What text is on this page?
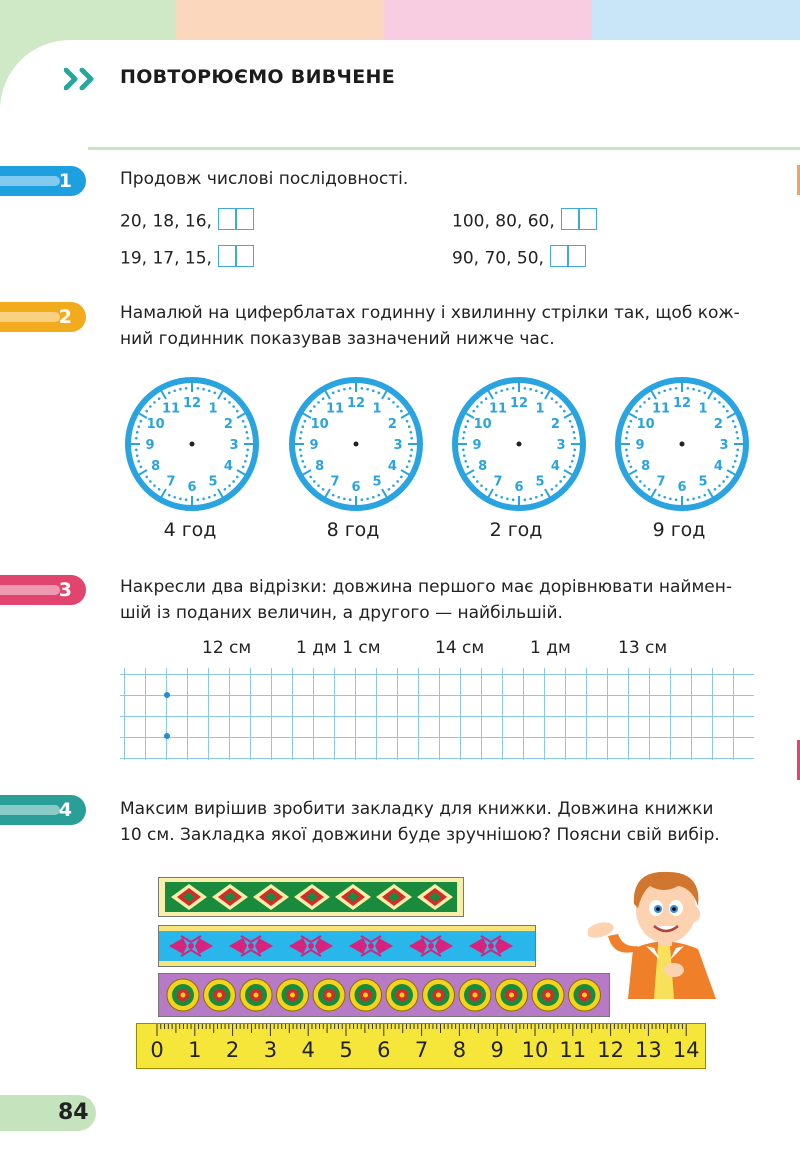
ПОВТОРЮЄМО ВИВЧЕНЕ
1	Продовж числові послідовності.
20, 18, 16,
19, 17, 15,
100, 80, 60,
90, 70, 50,
2	Намалюй на циферблатах годинну і хвилинну стрілки так, щоб кож-
ний годинник показував зазначений нижче час.
12 1
2
3
4
5
6
7
8
9
10
11	12 1
2
3
4
5
6
7
8
9
10
11	12 1
2
3
4
5
6
7
8
9
10
11	12 1
2
3
4
5
6
7
8
9
10
11
4 год	8 год	2 год	9 год
3	Накресли два відрізки: довжина першого має дорівнювати наймен-
шій із поданих величин, а другого — найбільшій.
12 см	1 дм 1 см	14 см	1 дм	13 см
4	Максим вирішив зробити закладку для книжки. Довжина книжки
10 см. Закладка якої довжини буде зручнішою? Поясни свій вибір.
0	1	2	3	4	5	6	7	8	9 10 11 12 13 14
84
